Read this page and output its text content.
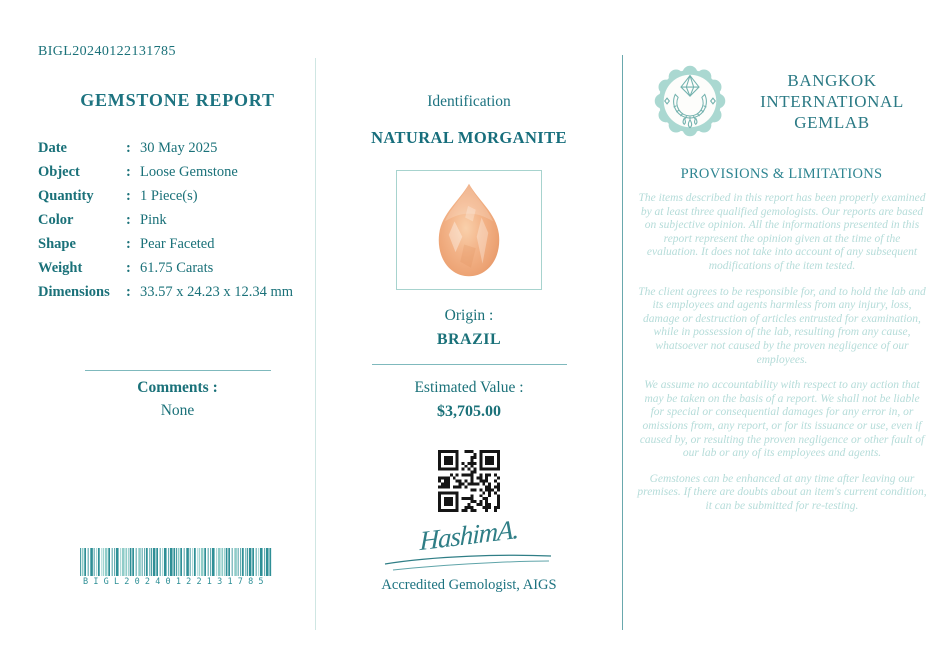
BIGL20240122131785
GEMSTONE REPORT
Date	: 30 May 2025
Object	: Loose Gemstone
Quantity	: 1 Piece(s)
Color	: Pink
Shape	: Pear Faceted
Weight	: 61.75 Carats
Dimensions	: 33.57 x 24.23 x 12.34 mm
Comments :
None
BIGL20240122131785
Identification
NATURAL MORGANITE
Origin :
BRAZIL
Estimated Value :
$3,705.00
HashimA.
Accredited Gemologist, AIGS
BANGKOK
INTERNATIONAL
GEMLAB
PROVISIONS & LIMITATIONS

The items described in this report has been properly examined by at least three qualified gemologists. Our reports are based on subjective opinion. All the informations presented in this report represent the opinion given at the time of the evaluation. It does not take into account of any subsequent modifications of the item tested.

The client agrees to be responsible for, and to hold the lab and its employees and agents harmless from any injury, loss, damage or destruction of articles entrusted for examination, while in possession of the lab, resulting from any cause, whatsoever not caused by the proven negligence of our employees.

We assume no accountability with respect to any action that may be taken on the basis of a report. We shall not be liable for special or consequential damages for any error in, or omissions from, any report, or for its issuance or use, even if caused by, or resulting the proven negligence or other fault of our lab or any of its employees and agents.

Gemstones can be enhanced at any time after leaving our premises. If there are doubts about an item's current condition, it can be submitted for re-testing.
